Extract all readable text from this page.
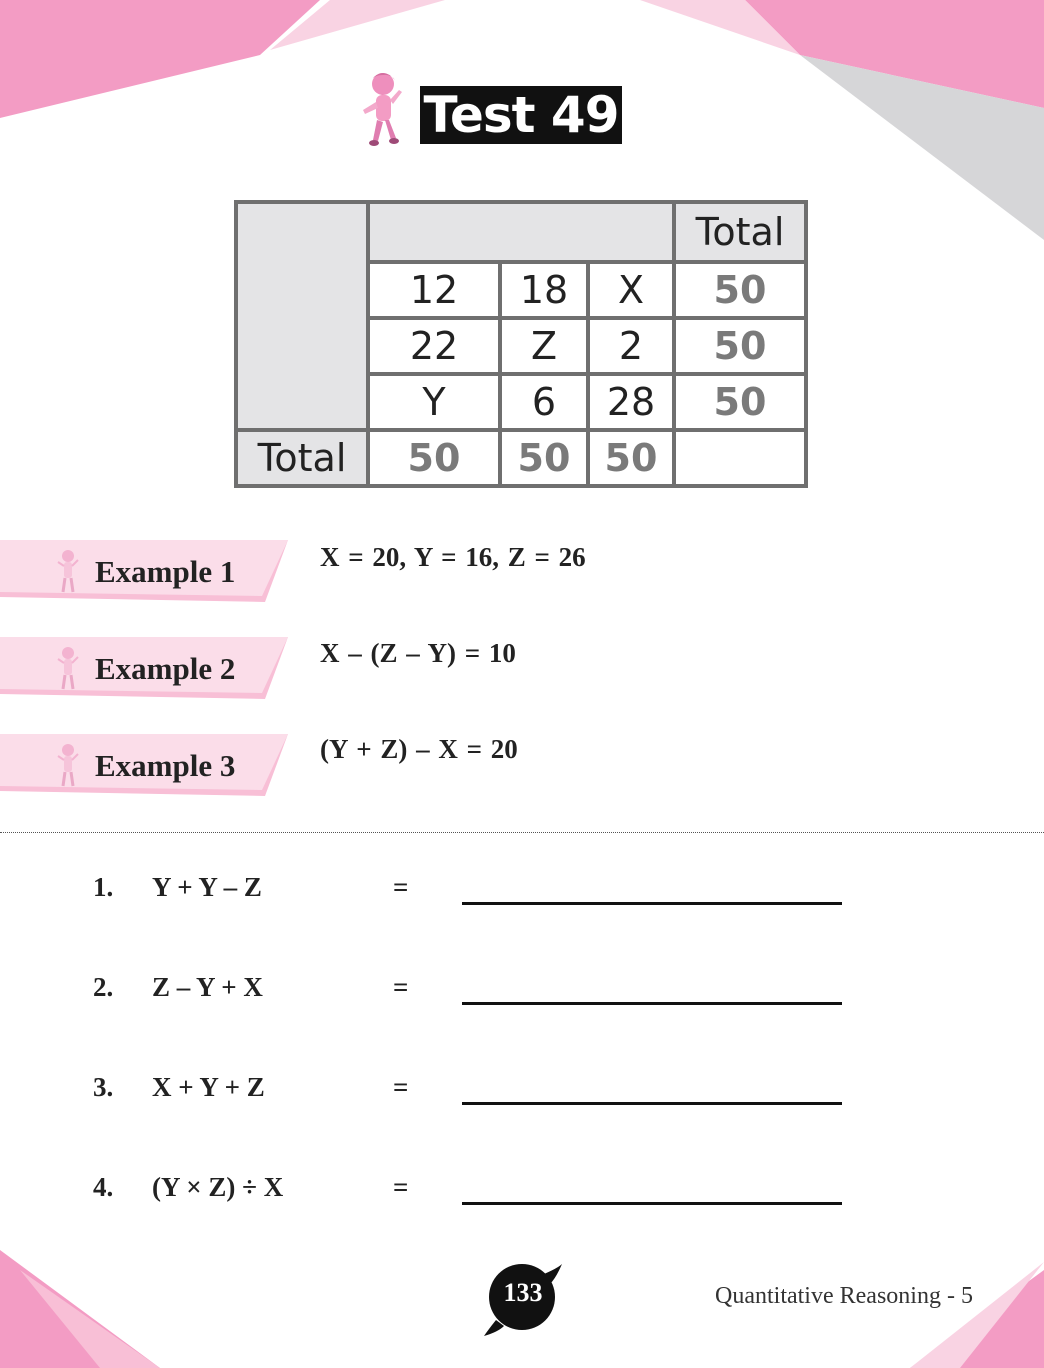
Test 49
				Total
	12	18	X	50
	22	Z	2	50
	Y	6	28	50
Total	50	50	50	
Example 1	X = 20, Y = 16, Z = 26
Example 2	X – (Z – Y) = 10
Example 3	(Y + Z) – X = 20
1. Y + Y – Z	=
2. Z – Y + X	=
3. X + Y + Z	=
4. (Y × Z) ÷ X	=
133	Quantitative Reasoning - 5
